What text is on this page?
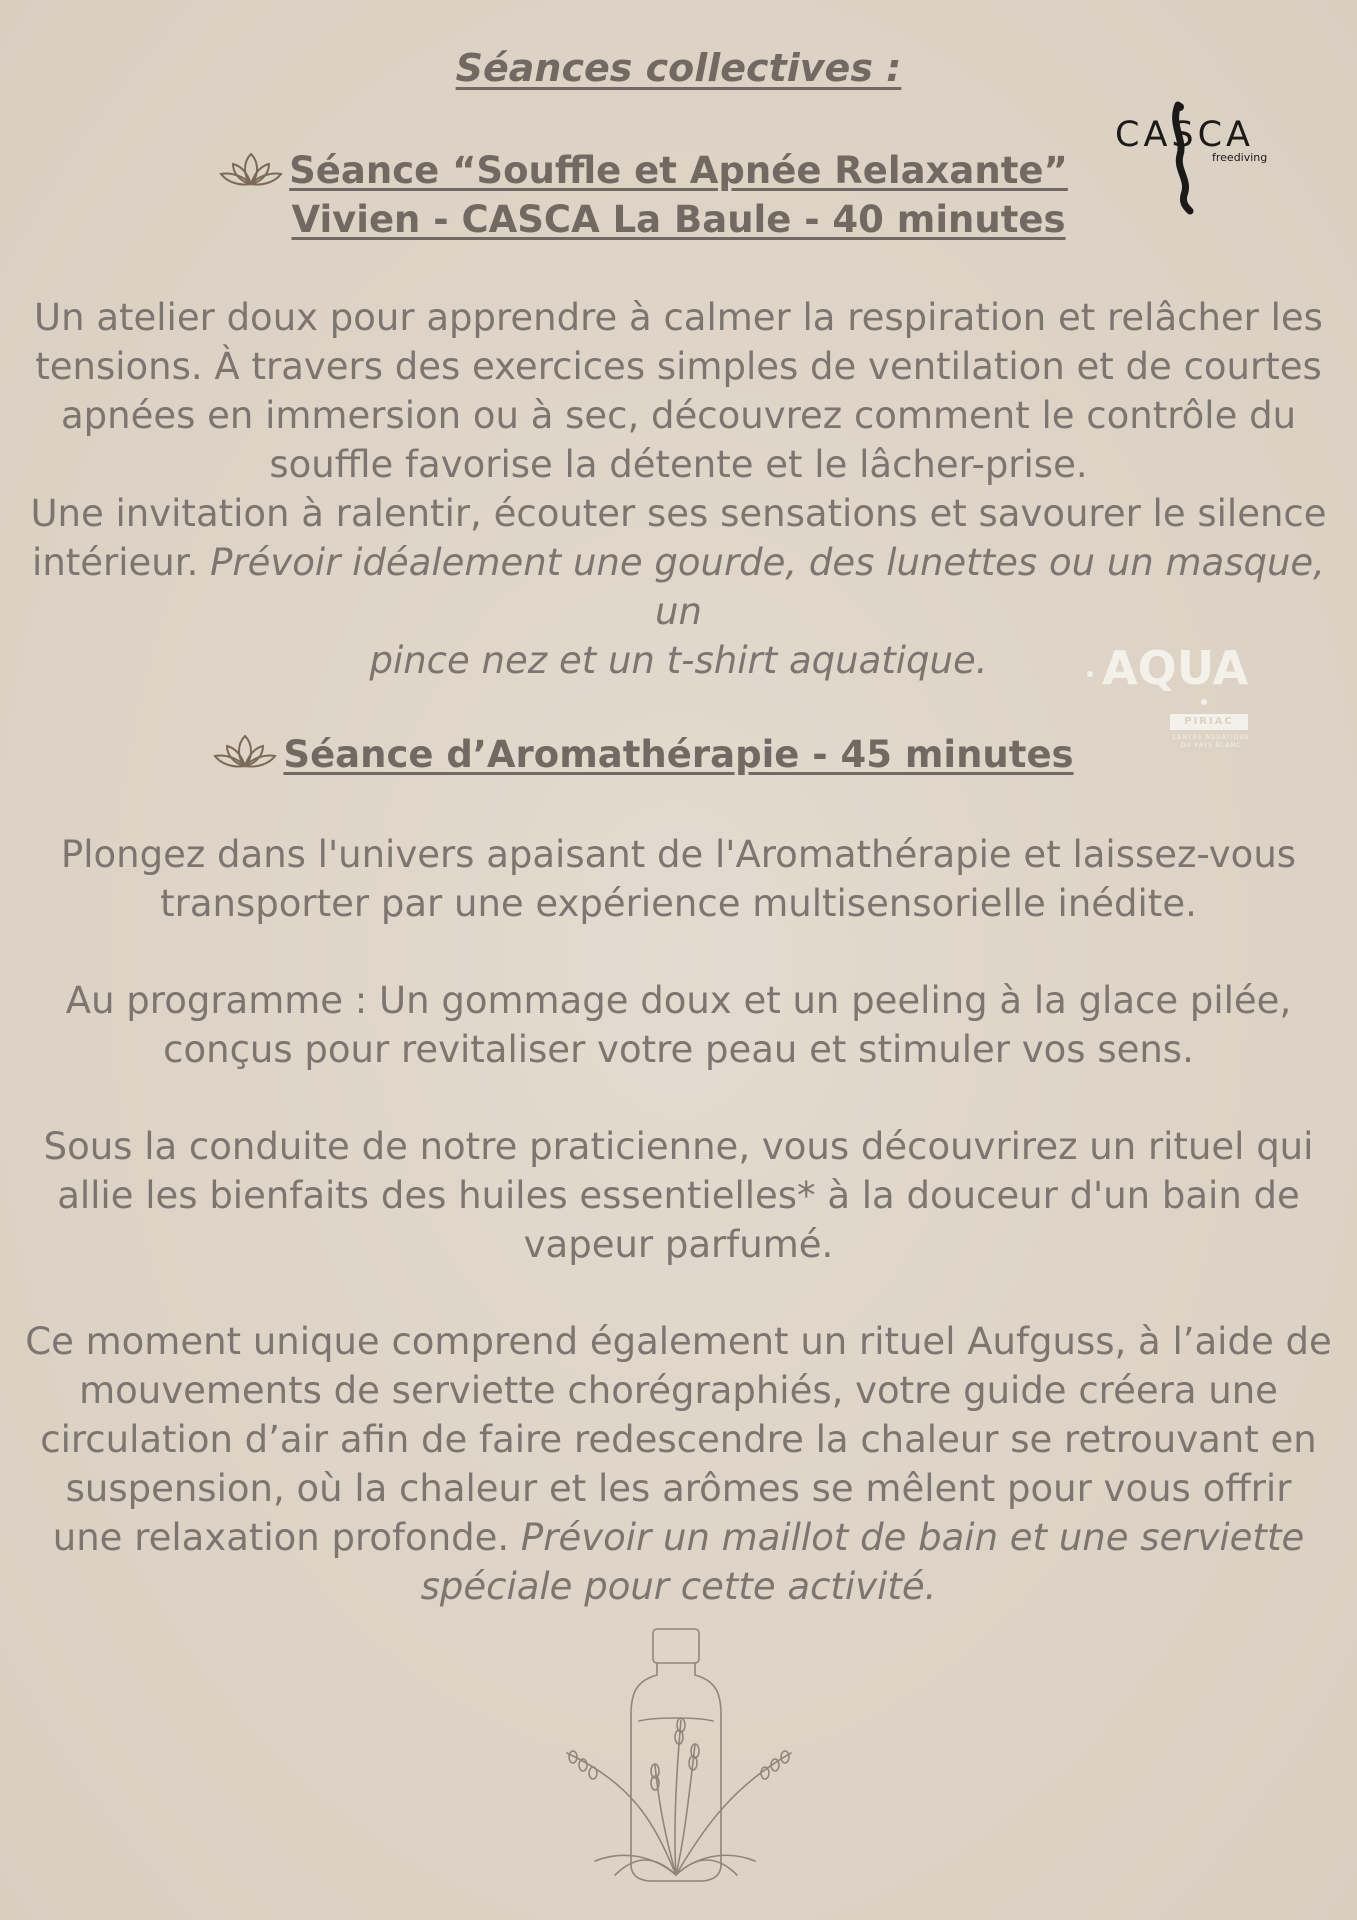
Séances collectives :
CASCA
freediving
Séance “Souffle et Apnée Relaxante”
Vivien - CASCA La Baule - 40 minutes

Un atelier doux pour apprendre à calmer la respiration et relâcher les
tensions. À travers des exercices simples de ventilation et de courtes
apnées en immersion ou à sec, découvrez comment le contrôle du
souffle favorise la détente et le lâcher-prise.
Une invitation à ralentir, écouter ses sensations et savourer le silence
intérieur. Prévoir idéalement une gourde, des lunettes ou un masque, un
pince nez et un t-shirt aquatique.	AQUA
PIRIAC
CENTRE AQUATIQUE DU PAYS BLANC
Séance d’Aromathérapie - 45 minutes

Plongez dans l'univers apaisant de l'Aromathérapie et laissez-vous
transporter par une expérience multisensorielle inédite.

Au programme : Un gommage doux et un peeling à la glace pilée,
conçus pour revitaliser votre peau et stimuler vos sens.

Sous la conduite de notre praticienne, vous découvrirez un rituel qui
allie les bienfaits des huiles essentielles* à la douceur d'un bain de
vapeur parfumé.

Ce moment unique comprend également un rituel Aufguss, à l’aide de
mouvements de serviette chorégraphiés, votre guide créera une
circulation d’air afin de faire redescendre la chaleur se retrouvant en
suspension, où la chaleur et les arômes se mêlent pour vous offrir
une relaxation profonde. Prévoir un maillot de bain et une serviette
spéciale pour cette activité.
